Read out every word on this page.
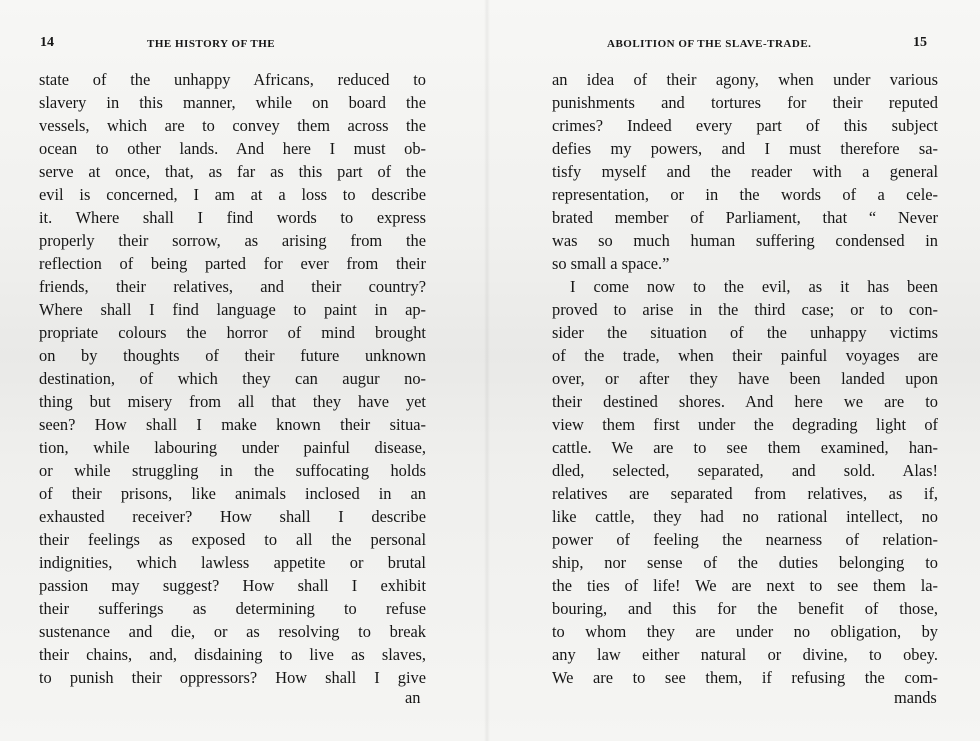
14	THE HISTORY OF THE
state of the unhappy Africans, reduced to
slavery in this manner, while on board the
vessels, which are to convey them across the
ocean to other lands. And here I must ob-
serve at once, that, as far as this part of the
evil is concerned, I am at a loss to describe
it. Where shall I find words to express
properly their sorrow, as arising from the
reflection of being parted for ever from their
friends, their relatives, and their country?
Where shall I find language to paint in ap-
propriate colours the horror of mind brought
on by thoughts of their future unknown
destination, of which they can augur no-
thing but misery from all that they have yet
seen? How shall I make known their situa-
tion, while labouring under painful disease,
or while struggling in the suffocating holds
of their prisons, like animals inclosed in an
exhausted receiver? How shall I describe
their feelings as exposed to all the personal
indignities, which lawless appetite or brutal
passion may suggest? How shall I exhibit
their sufferings as determining to refuse
sustenance and die, or as resolving to break
their chains, and, disdaining to live as slaves,
to punish their oppressors? How shall I give
an
ABOLITION OF THE SLAVE-TRADE.	15
an idea of their agony, when under various
punishments and tortures for their reputed
crimes? Indeed every part of this subject
defies my powers, and I must therefore sa-
tisfy myself and the reader with a general
representation, or in the words of a cele-
brated member of Parliament, that “ Never
was so much human suffering condensed in
so small a space.”
I come now to the evil, as it has been
proved to arise in the third case; or to con-
sider the situation of the unhappy victims
of the trade, when their painful voyages are
over, or after they have been landed upon
their destined shores. And here we are to
view them first under the degrading light of
cattle. We are to see them examined, han-
dled, selected, separated, and sold. Alas!
relatives are separated from relatives, as if,
like cattle, they had no rational intellect, no
power of feeling the nearness of relation-
ship, nor sense of the duties belonging to
the ties of life! We are next to see them la-
bouring, and this for the benefit of those,
to whom they are under no obligation, by
any law either natural or divine, to obey.
We are to see them, if refusing the com-
mands
